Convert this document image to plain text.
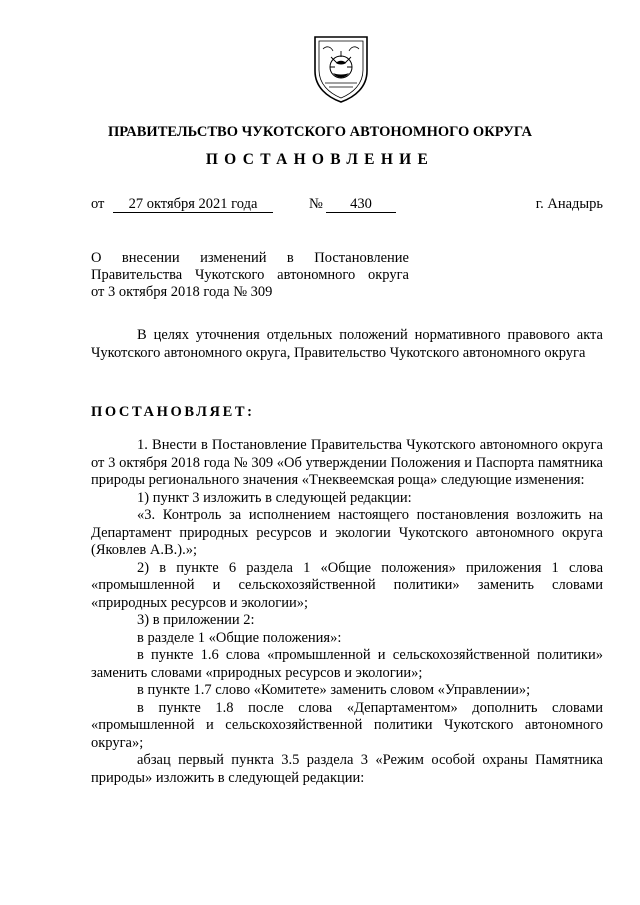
ПРАВИТЕЛЬСТВО ЧУКОТСКОГО АВТОНОМНОГО ОКРУГА
ПОСТАНОВЛЕНИЕ
от	27 октября 2021 года	№	430	г. Анадырь
О внесении изменений в Постановление
Правительства Чукотского автономного округа
от 3 октября 2018 года № 309

В целях уточнения отдельных положений нормативного правового акта Чукотского автономного округа, Правительство Чукотского автономного округа

ПОСТАНОВЛЯЕТ:

1. Внести в Постановление Правительства Чукотского автономного округа от 3 октября 2018 года № 309 «Об утверждении Положения и Паспорта памятника природы регионального значения «Тнеквеемская роща» следующие изменения:

1) пункт 3 изложить в следующей редакции:

«3. Контроль за исполнением настоящего постановления возложить на Департамент природных ресурсов и экологии Чукотского автономного округа (Яковлев А.В.).»;

2) в пункте 6 раздела 1 «Общие положения» приложения 1 слова «промышленной и сельскохозяйственной политики» заменить словами «природных ресурсов и экологии»;

3) в приложении 2:

в разделе 1 «Общие положения»:

в пункте 1.6 слова «промышленной и сельскохозяйственной политики» заменить словами «природных ресурсов и экологии»;

в пункте 1.7 слово «Комитете» заменить словом «Управлении»;

в пункте 1.8 после слова «Департаментом» дополнить словами «промышленной и сельскохозяйственной политики Чукотского автономного округа»;

абзац первый пункта 3.5 раздела 3 «Режим особой охраны Памятника природы» изложить в следующей редакции:
